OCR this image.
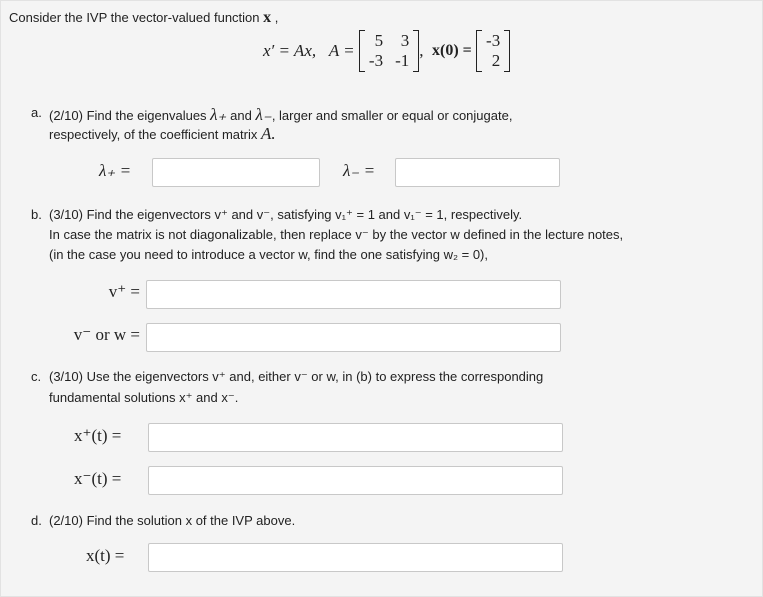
Consider the IVP the vector-valued function x ,
x′ = Ax,
A =

5	3
-3 -1
, x(0) =

-3
2
a. (2/10) Find the eigenvalues λ₊ and λ₋, larger and smaller or equal or conjugate,
respectively, of the coefficient matrix A.
λ₊ =	λ₋ =
b. (3/10) Find the eigenvectors v⁺ and v⁻, satisfying v₁⁺ = 1 and v₁⁻ = 1, respectively.
In case the matrix is not diagonalizable, then replace v⁻ by the vector w defined in the lecture notes,
(in the case you need to introduce a vector w, find the one satisfying w₂ = 0),
v⁺ =
v⁻ or w =
c. (3/10) Use the eigenvectors v⁺ and, either v⁻ or w, in (b) to express the corresponding
fundamental solutions x⁺ and x⁻.
x⁺(t) =
x⁻(t) =
d. (2/10) Find the solution x of the IVP above.
x(t) =
